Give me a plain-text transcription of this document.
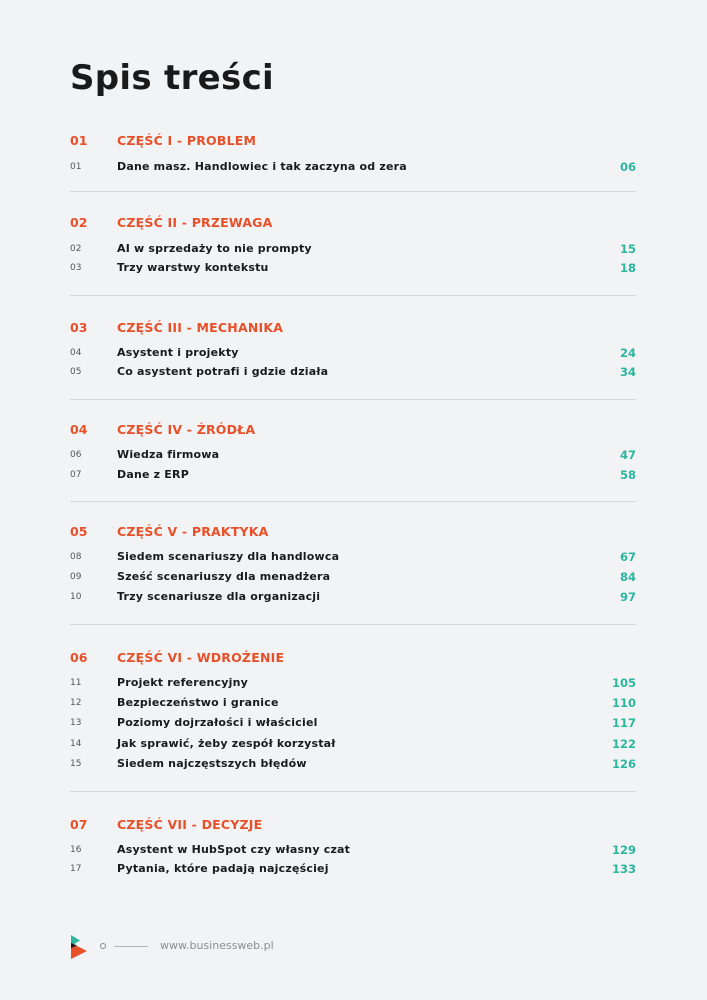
Spis treści
01 CZĘŚĆ I - PROBLEM
01	Dane masz. Handlowiec i tak zaczyna od zera	06
02 CZĘŚĆ II - PRZEWAGA
02	AI w sprzedaży to nie prompty	15
03	Trzy warstwy kontekstu	18
03 CZĘŚĆ III - MECHANIKA
04	Asystent i projekty	24
05	Co asystent potrafi i gdzie działa	34
04 CZĘŚĆ IV - ŹRÓDŁA
06	Wiedza firmowa	47
07	Dane z ERP	58
05 CZĘŚĆ V - PRAKTYKA
08	Siedem scenariuszy dla handlowca	67
09	Sześć scenariuszy dla menadżera	84
10	Trzy scenariusze dla organizacji	97
06 CZĘŚĆ VI - WDROŻENIE
11	Projekt referencyjny	105
12	Bezpieczeństwo i granice	110
13	Poziomy dojrzałości i właściciel	117
14	Jak sprawić, żeby zespół korzystał	122
15	Siedem najczęstszych błędów	126
07 CZĘŚĆ VII - DECYZJE
16	Asystent w HubSpot czy własny czat	129
17	Pytania, które padają najczęściej	133
www.businessweb.pl
